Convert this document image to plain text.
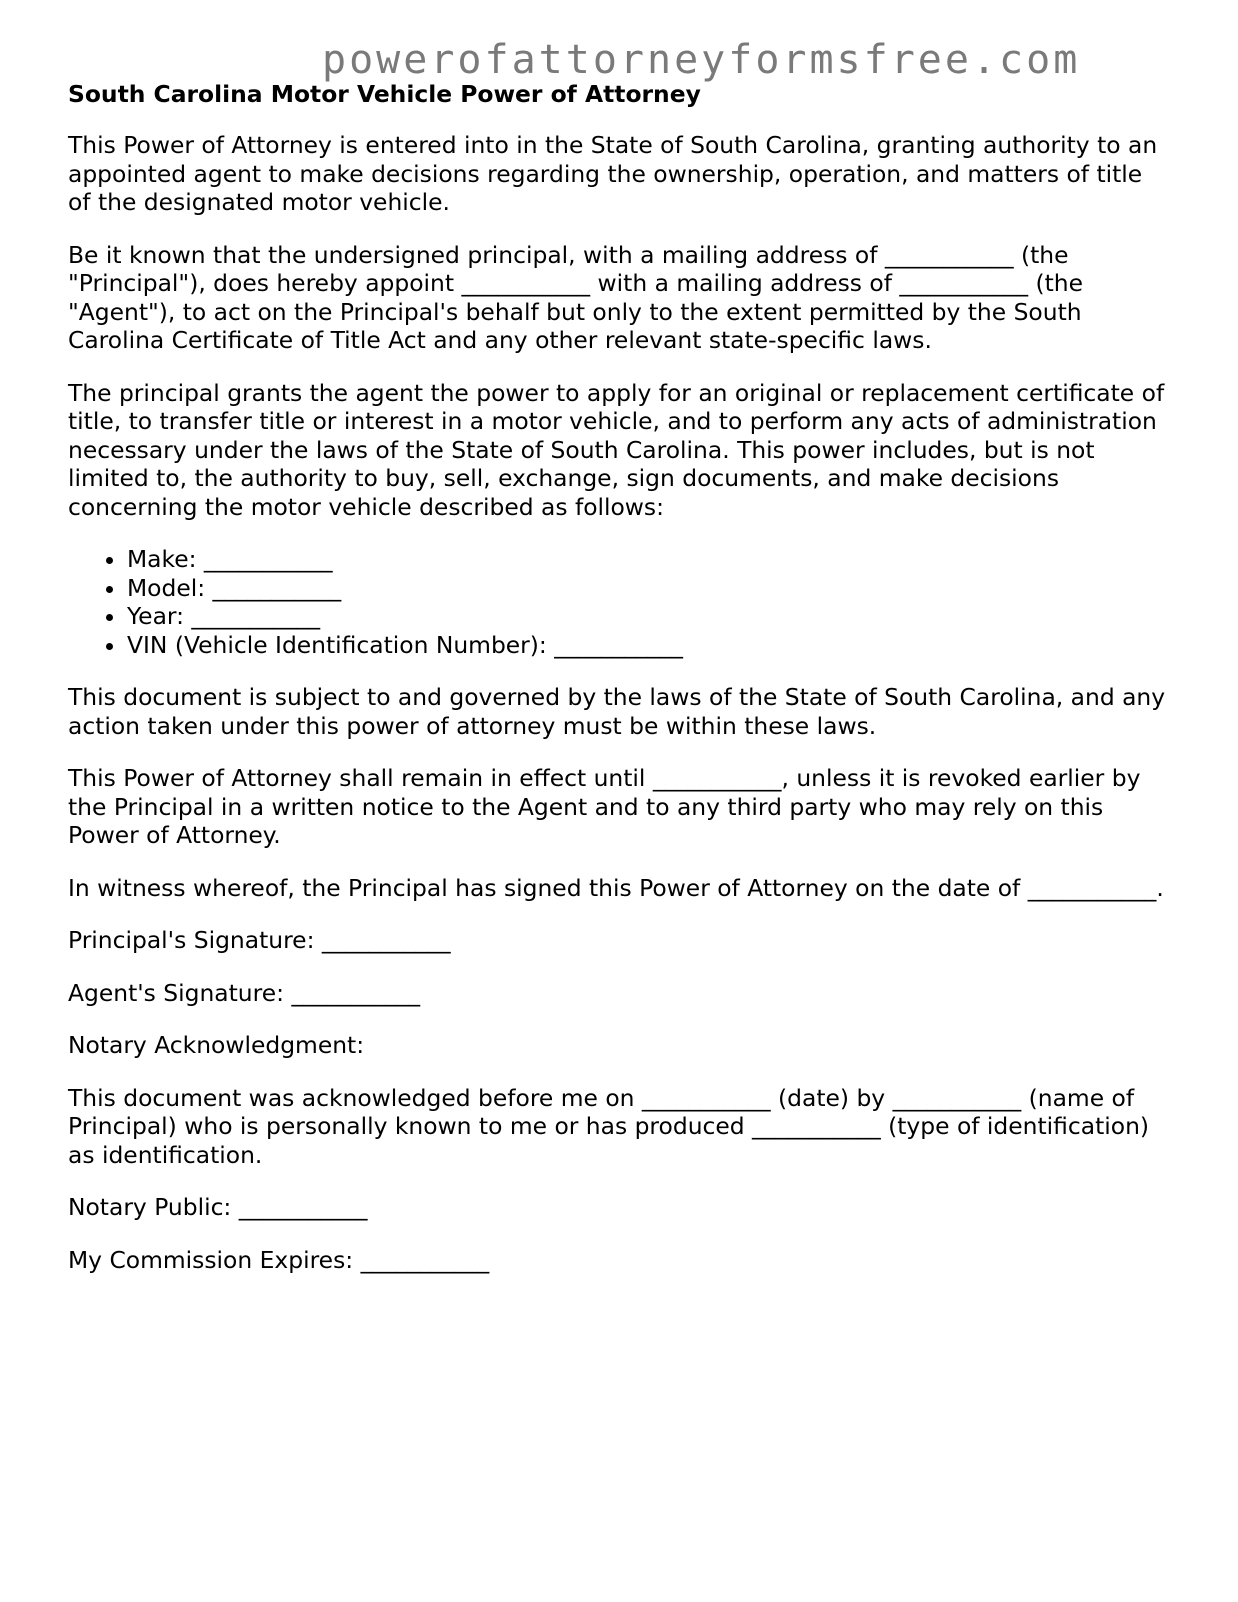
powerofattorneyformsfree.com
South Carolina Motor Vehicle Power of Attorney

This Power of Attorney is entered into in the State of South Carolina, granting authority to an appointed agent to make decisions regarding the ownership, operation, and matters of title of the designated motor vehicle.

Be it known that the undersigned principal, with a mailing address of ___________ (the "Principal"), does hereby appoint ___________ with a mailing address of ___________ (the "Agent"), to act on the Principal's behalf but only to the extent permitted by the South Carolina Certificate of Title Act and any other relevant state-specific laws.

The principal grants the agent the power to apply for an original or replacement certificate of title, to transfer title or interest in a motor vehicle, and to perform any acts of administration necessary under the laws of the State of South Carolina. This power includes, but is not limited to, the authority to buy, sell, exchange, sign documents, and make decisions concerning the motor vehicle described as follows:

• Make: ___________
• Model: ___________
• Year: ___________
• VIN (Vehicle Identification Number): ___________

This document is subject to and governed by the laws of the State of South Carolina, and any action taken under this power of attorney must be within these laws.

This Power of Attorney shall remain in effect until ___________, unless it is revoked earlier by the Principal in a written notice to the Agent and to any third party who may rely on this Power of Attorney.

In witness whereof, the Principal has signed this Power of Attorney on the date of ___________.

Principal's Signature: ___________

Agent's Signature: ___________

Notary Acknowledgment:

This document was acknowledged before me on ___________ (date) by ___________ (name of Principal) who is personally known to me or has produced ___________ (type of identification) as identification.

Notary Public: ___________

My Commission Expires: ___________
